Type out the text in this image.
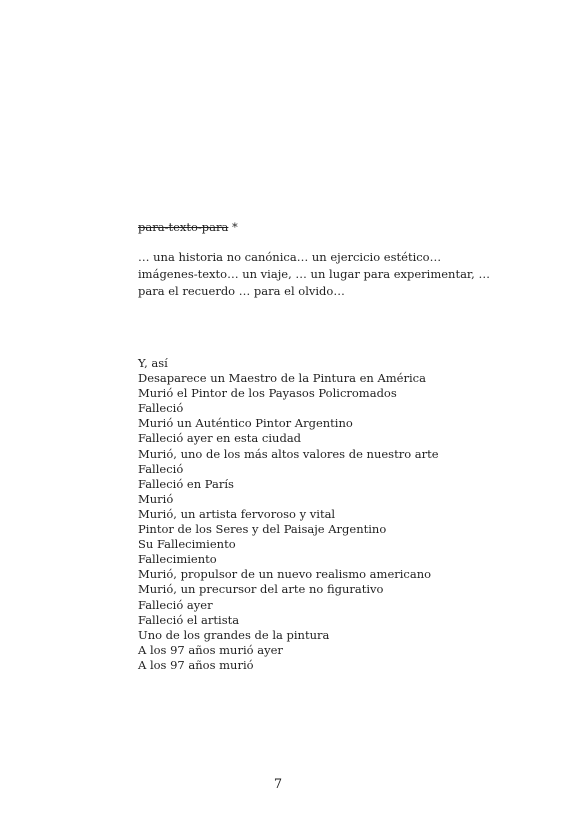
para-texto-para *
… una historia no canónica… un ejercicio estético…
imágenes-texto… un viaje, … un lugar para experimentar, …
para el recuerdo … para el olvido…
Y, así
Desaparece un Maestro de la Pintura en América
Murió el Pintor de los Payasos Policromados
Falleció
Murió un Auténtico Pintor Argentino
Falleció ayer en esta ciudad
Murió, uno de los más altos valores de nuestro arte
Falleció
Falleció en París
Murió
Murió, un artista fervoroso y vital
Pintor de los Seres y del Paisaje Argentino
Su Fallecimiento
Fallecimiento
Murió, propulsor de un nuevo realismo americano
Murió, un precursor del arte no figurativo
Falleció ayer
Falleció el artista
Uno de los grandes de la pintura
A los 97 años murió ayer
A los 97 años murió
7
